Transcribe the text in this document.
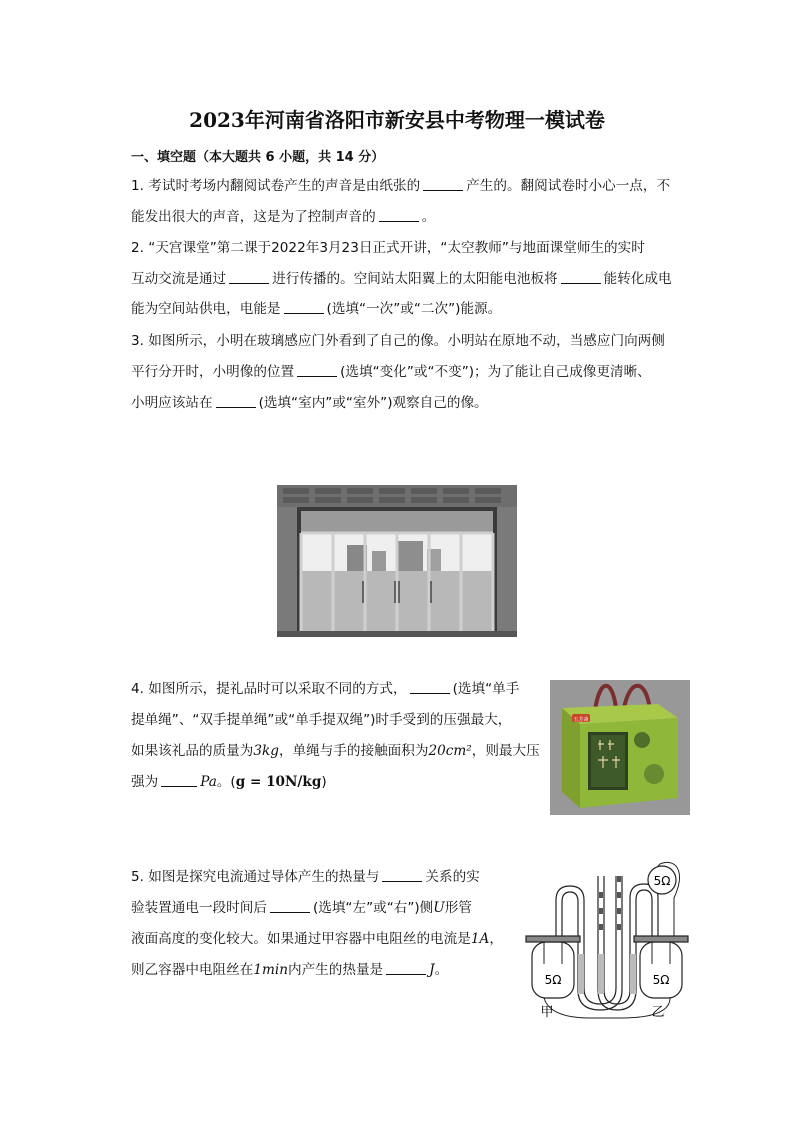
2023年河南省洛阳市新安县中考物理一模试卷
一、填空题（本大题共 6 小题，共 14 分）
1. 考试时考场内翻阅试卷产生的声音是由纸张的	产生的。翻阅试卷时小心一点，不
能发出很大的声音，这是为了控制声音的	。
2. “天宫课堂”第二课于2022年3月23日正式开讲，“太空教师”与地面课堂师生的实时
互动交流是通过	进行传播的。空间站太阳翼上的太阳能电池板将	能转化成电
能为空间站供电，电能是	(选填“一次”或“二次”)能源。
3. 如图所示，小明在玻璃感应门外看到了自己的像。小明站在原地不动，当感应门向两侧
平行分开时，小明像的位置	(选填“变化”或“不变”)；为了能让自己成像更清晰、
小明应该站在	(选填“室内”或“室外”)观察自己的像。
4. 如图所示，提礼品时可以采取不同的方式，	(选填“单手
提单绳”、“双手提单绳”或“单手提双绳”)时手受到的压强最大，
如果该礼品的质量为3kg，单绳与手的接触面积为20cm²，则最大压
强为	Pa。(g = 10N/kg)
五芳斋
5. 如图是探究电流通过导体产生的热量与	关系的实
验装置通电一段时间后	(选填“左”或“右”)侧U形管
液面高度的变化较大。如果通过甲容器中电阻丝的电流是1A，
则乙容器中电阻丝在1min内产生的热量是	J。
5Ω
5Ω	5Ω
甲	乙
